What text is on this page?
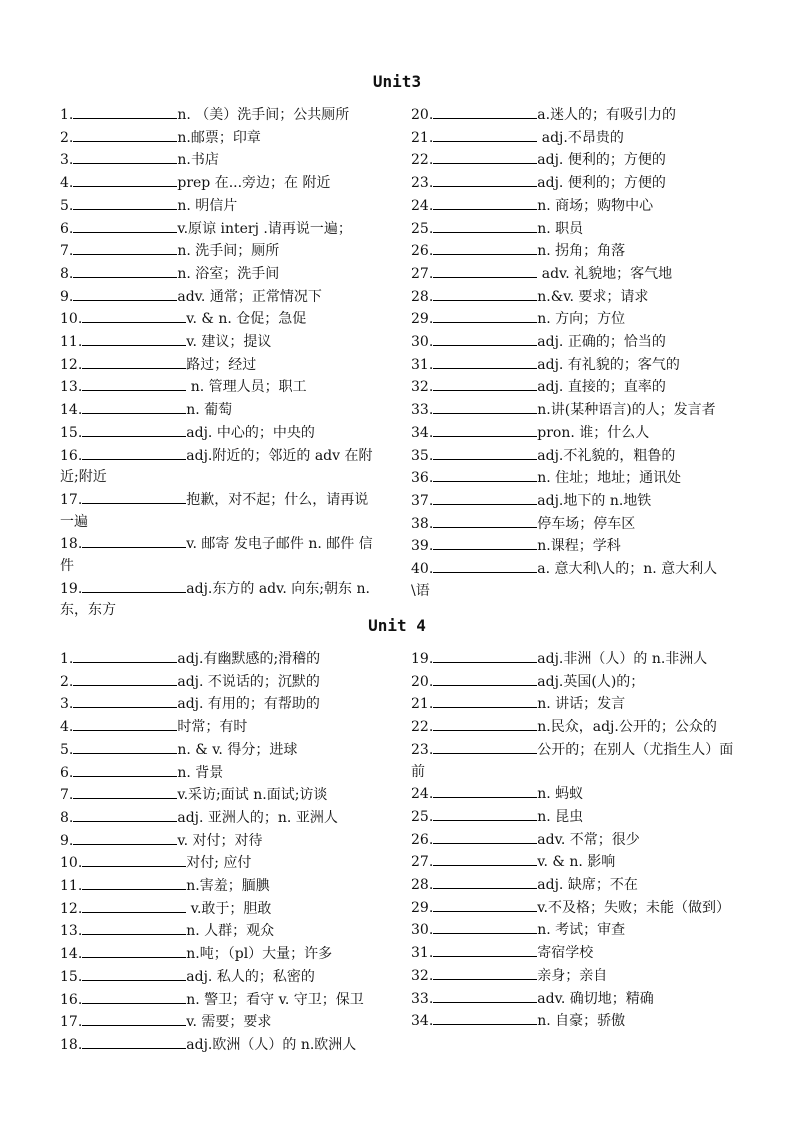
Unit3
1.	n. （美）洗手间；公共厕所
2.	n.邮票；印章
3.	n.书店
4.	prep 在...旁边；在 附近
5.	n. 明信片
6.	v.原谅 interj .请再说一遍；
7.	n. 洗手间；厕所
8.	n. 浴室；洗手间
9.	adv. 通常；正常情况下
10.	v. & n. 仓促；急促
11.	v. 建议；提议
12.	路过；经过
13.	n. 管理人员；职工
14.	n. 葡萄
15.	adj. 中心的；中央的
16.	adj.附近的；邻近的 adv 在附近;附近
17.	抱歉，对不起；什么，请再说一遍
18.	v. 邮寄 发电子邮件 n. 邮件 信件
19.	adj.东方的 adv. 向东;朝东 n.东，东方
20.	a.迷人的；有吸引力的
21.	adj.不昂贵的
22.	adj. 便利的；方便的
23.	adj. 便利的；方便的
24.	n. 商场；购物中心
25.	n. 职员
26.	n. 拐角；角落
27.	adv. 礼貌地；客气地
28.	n.&v. 要求；请求
29.	n. 方向；方位
30.	adj. 正确的；恰当的
31.	adj. 有礼貌的；客气的
32.	adj. 直接的；直率的
33.	n.讲(某种语言)的人；发言者
34.	pron. 谁；什么人
35.	adj.不礼貌的，粗鲁的
36.	n. 住址；地址；通讯处
37.	adj.地下的 n.地铁
38.	停车场；停车区
39.	n.课程；学科
40.	a. 意大利\人的；n. 意大利人\语
Unit 4
1.	adj.有幽默感的;滑稽的
2.	adj. 不说话的；沉默的
3.	adj. 有用的；有帮助的
4.	时常；有时
5.	n. & v. 得分；进球
6.	n. 背景
7.	v.采访;面试 n.面试;访谈
8.	adj. 亚洲人的；n. 亚洲人
9.	v. 对付；对待
10.	对付; 应付
11.	n.害羞；腼腆
12.	v.敢于；胆敢
13.	n. 人群；观众
14.	n.吨；（pl）大量；许多
15.	adj. 私人的；私密的
16.	n. 警卫；看守 v. 守卫；保卫
17.	v. 需要；要求
18.	adj.欧洲（人）的 n.欧洲人
19.	adj.非洲（人）的 n.非洲人
20.	adj.英国(人)的；
21.	n. 讲话；发言
22.	n.民众，adj.公开的；公众的
23.	公开的；在别人（尤指生人）面前
24.	n. 蚂蚁
25.	n. 昆虫
26.	adv. 不常；很少
27.	v. & n. 影响
28.	adj. 缺席；不在
29.	v.不及格；失败；未能（做到）
30.	n. 考试；审查
31.	寄宿学校
32.	亲身；亲自
33.	adv. 确切地；精确
34.	n. 自豪；骄傲
